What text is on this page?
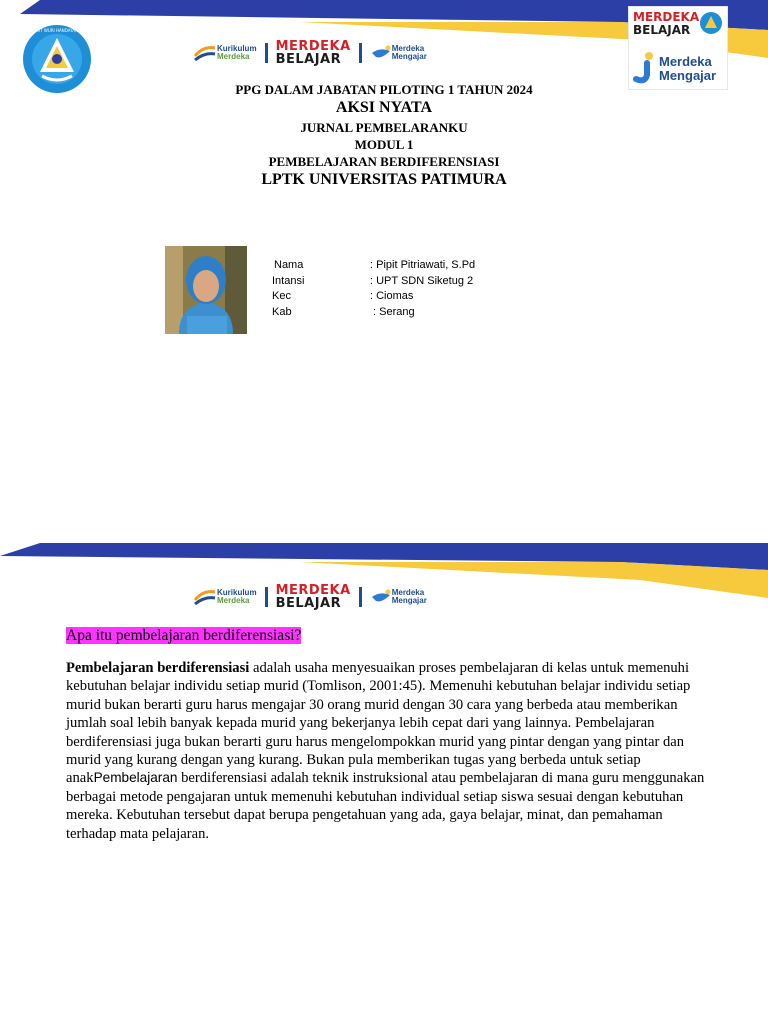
TUT WURI HANDAYANI
Kurikulum
Merdeka
MERDEKA
BELAJAR
Merdeka
Mengajar
MERDEKA
BELAJAR
Merdeka
Mengajar
PPG DALAM JABATAN PILOTING 1 TAHUN 2024
AKSI NYATA
JURNAL PEMBELARANKU
MODUL 1
PEMBELAJARAN BERDIFERENSIASI
LPTK UNIVERSITAS PATIMURA
Nama	: Pipit Pitriawati, S.Pd
Intansi	: UPT SDN Siketug 2
Kec	: Ciomas
Kab	: Serang
Kurikulum
Merdeka
MERDEKA
BELAJAR
Merdeka
Mengajar
Apa itu pembelajaran berdiferensiasi?
Pembelajaran berdiferensiasi adalah usaha menyesuaikan proses pembelajaran di kelas untuk memenuhi kebutuhan belajar individu setiap murid (Tomlison, 2001:45). Memenuhi kebutuhan belajar individu setiap murid bukan berarti guru harus mengajar 30 orang murid dengan 30 cara yang berbeda atau memberikan jumlah soal lebih banyak kepada murid yang bekerjanya lebih cepat dari yang lainnya. Pembelajaran berdiferensiasi juga bukan berarti guru harus mengelompokkan murid yang pintar dengan yang pintar dan murid yang kurang dengan yang kurang. Bukan pula memberikan tugas yang berbeda untuk setiap anakPembelajaran berdiferensiasi adalah teknik instruksional atau pembelajaran di mana guru menggunakan berbagai metode pengajaran untuk memenuhi kebutuhan individual setiap siswa sesuai dengan kebutuhan mereka. Kebutuhan tersebut dapat berupa pengetahuan yang ada, gaya belajar, minat, dan pemahaman terhadap mata pelajaran.
